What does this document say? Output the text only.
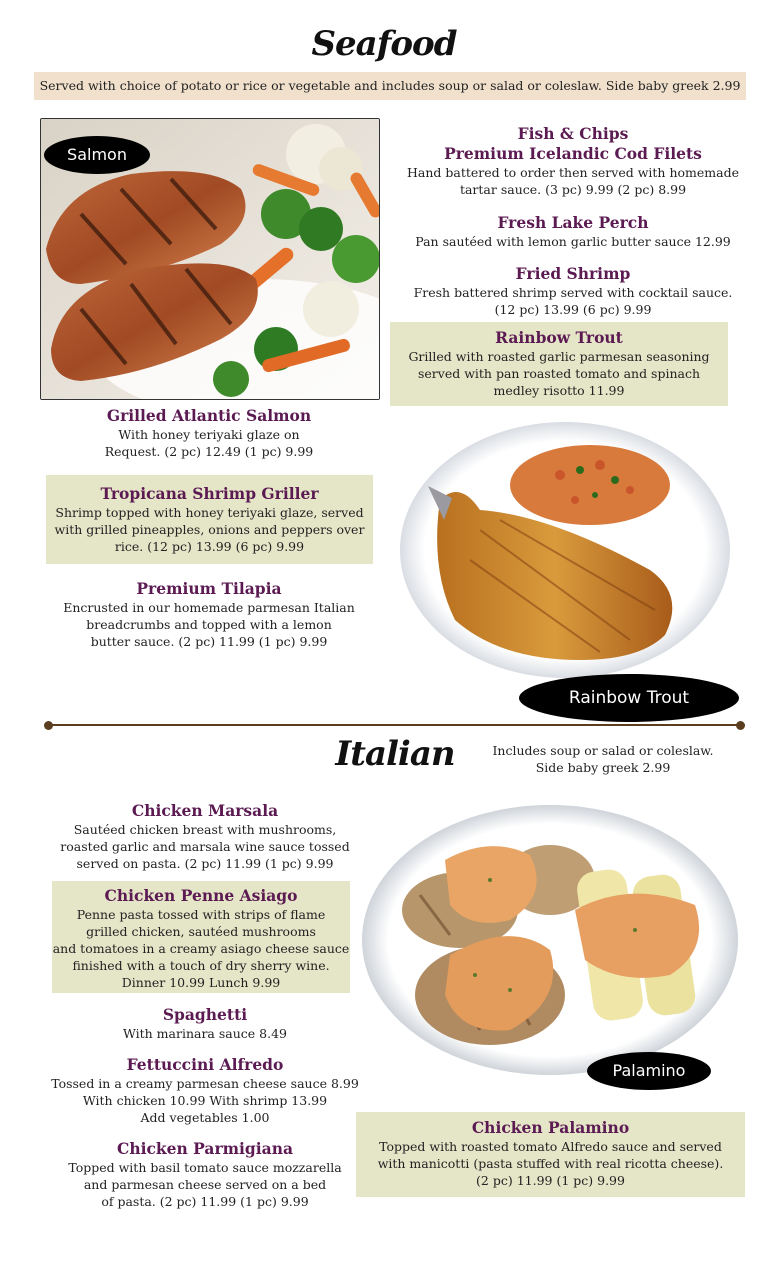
Seafood
Served with choice of potato or rice or vegetable and includes soup or salad or coleslaw. Side baby greek 2.99
Salmon
Fish & Chips
Premium Icelandic Cod Filets
Hand battered to order then served with homemade
tartar sauce. (3 pc) 9.99 (2 pc) 8.99
Fresh Lake Perch
Pan sautéed with lemon garlic butter sauce 12.99
Fried Shrimp
Fresh battered shrimp served with cocktail sauce.
(12 pc) 13.99 (6 pc) 9.99
Rainbow Trout
Grilled with roasted garlic parmesan seasoning
served with pan roasted tomato and spinach
medley risotto 11.99
Grilled Atlantic Salmon
With honey teriyaki glaze on
Request. (2 pc) 12.49 (1 pc) 9.99
Tropicana Shrimp Griller
Shrimp topped with honey teriyaki glaze, served
with grilled pineapples, onions and peppers over
rice. (12 pc) 13.99 (6 pc) 9.99
Premium Tilapia
Encrusted in our homemade parmesan Italian
breadcrumbs and topped with a lemon
butter sauce. (2 pc) 11.99 (1 pc) 9.99
Rainbow Trout
Italian	Includes soup or salad or coleslaw.
Side baby greek 2.99
Chicken Marsala
Sautéed chicken breast with mushrooms,
roasted garlic and marsala wine sauce tossed
served on pasta. (2 pc) 11.99 (1 pc) 9.99
Chicken Penne Asiago
Penne pasta tossed with strips of flame
grilled chicken, sautéed mushrooms
and tomatoes in a creamy asiago cheese sauce
finished with a touch of dry sherry wine.
Dinner 10.99 Lunch 9.99
Spaghetti
With marinara sauce 8.49
Fettuccini Alfredo
Tossed in a creamy parmesan cheese sauce 8.99
With chicken 10.99 With shrimp 13.99
Add vegetables 1.00
Chicken Parmigiana
Topped with basil tomato sauce mozzarella
and parmesan cheese served on a bed
of pasta. (2 pc) 11.99 (1 pc) 9.99
Palamino
Chicken Palamino
Topped with roasted tomato Alfredo sauce and served
with manicotti (pasta stuffed with real ricotta cheese).
(2 pc) 11.99 (1 pc) 9.99
